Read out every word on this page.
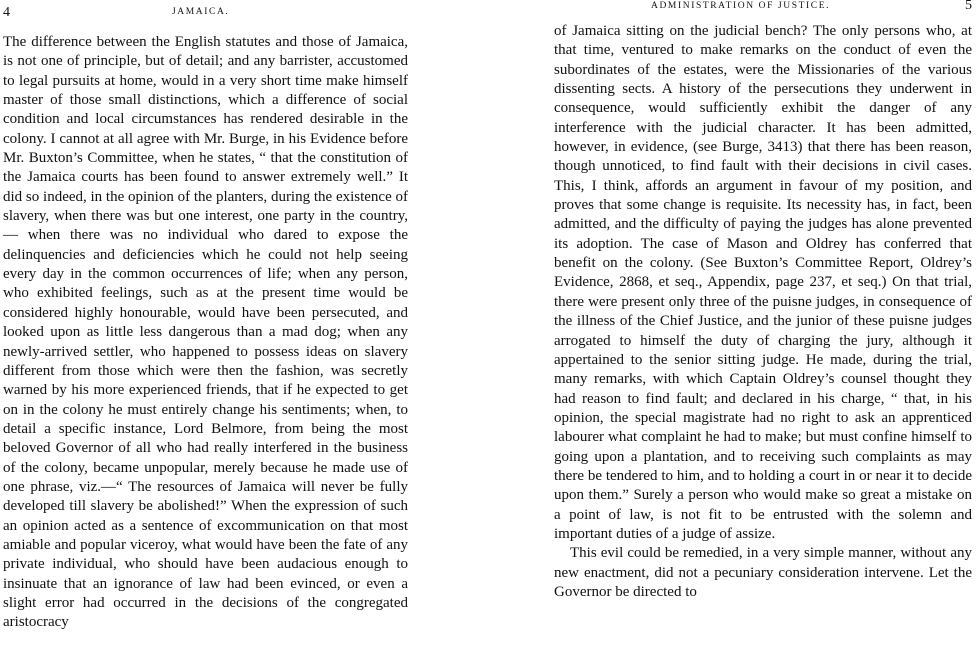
4	JAMAICA.

The difference between the English statutes and those of Jamaica, is not one of principle, but of detail; and any barrister, accustomed to legal pursuits at home, would in a very short time make himself master of those small distinctions, which a difference of social condition and local circumstances has rendered desirable in the colony. I cannot at all agree with Mr. Burge, in his Evidence before Mr. Buxton’s Committee, when he states, “ that the constitution of the Jamaica courts has been found to answer extremely well.” It did so indeed, in the opinion of the planters, during the existence of slavery, when there was but one interest, one party in the country,— when there was no individual who dared to expose the delinquencies and deficiencies which he could not help seeing every day in the common occurrences of life; when any person, who exhibited feelings, such as at the present time would be considered highly honourable, would have been persecuted, and looked upon as little less dangerous than a mad dog; when any newly-arrived settler, who happened to possess ideas on slavery different from those which were then the fashion, was secretly warned by his more experienced friends, that if he expected to get on in the colony he must entirely change his sentiments; when, to detail a specific instance, Lord Belmore, from being the most beloved Governor of all who had really interfered in the business of the colony, became unpopular, merely because he made use of one phrase, viz.—“ The resources of Jamaica will never be fully developed till slavery be abolished!” When the expression of such an opinion acted as a sentence of excommunication on that most amiable and popular viceroy, what would have been the fate of any private individual, who should have been audacious enough to insinuate that an ignorance of law had been evinced, or even a slight error had occurred in the decisions of the congregated aristocracy

ADMINISTRATION OF JUSTICE.	5

of Jamaica sitting on the judicial bench? The only persons who, at that time, ventured to make remarks on the conduct of even the subordinates of the estates, were the Missionaries of the various dissenting sects. A history of the persecutions they underwent in consequence, would sufficiently exhibit the danger of any interference with the judicial character. It has been admitted, however, in evidence, (see Burge, 3413) that there has been reason, though unnoticed, to find fault with their decisions in civil cases. This, I think, affords an argument in favour of my position, and proves that some change is requisite. Its necessity has, in fact, been admitted, and the difficulty of paying the judges has alone prevented its adoption. The case of Mason and Oldrey has conferred that benefit on the colony. (See Buxton’s Committee Report, Oldrey’s Evidence, 2868, et seq., Appendix, page 237, et seq.) On that trial, there were present only three of the puisne judges, in consequence of the illness of the Chief Justice, and the junior of these puisne judges arrogated to himself the duty of charging the jury, although it appertained to the senior sitting judge. He made, during the trial, many remarks, with which Captain Oldrey’s counsel thought they had reason to find fault; and declared in his charge, “ that, in his opinion, the special magistrate had no right to ask an apprenticed labourer what complaint he had to make; but must confine himself to going upon a plantation, and to receiving such complaints as may there be tendered to him, and to holding a court in or near it to decide upon them.” Surely a person who would make so great a mistake on a point of law, is not fit to be entrusted with the solemn and important duties of a judge of assize.

This evil could be remedied, in a very simple manner, without any new enactment, did not a pecuniary consideration intervene. Let the Governor be directed to
